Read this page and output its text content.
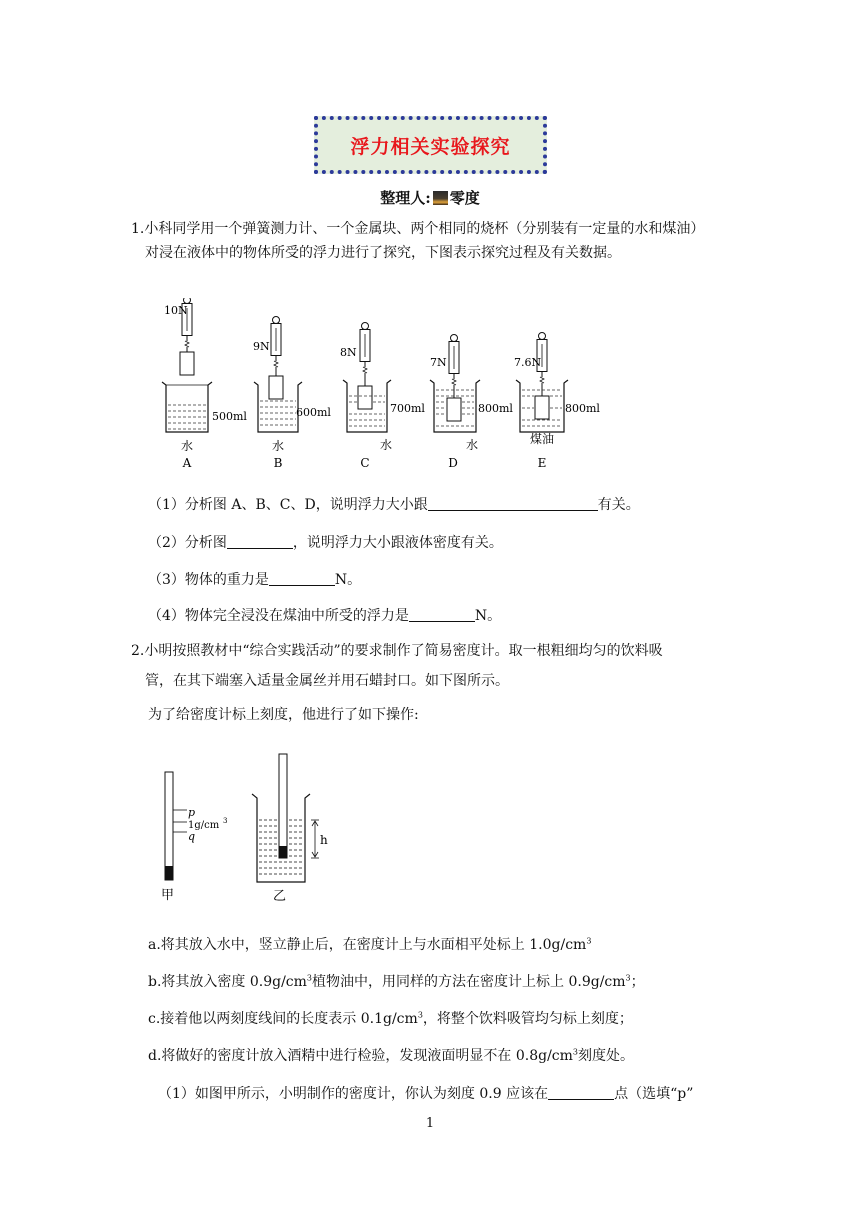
浮力相关实验探究
整理人: 零度
1.小科同学用一个弹簧测力计、一个金属块、两个相同的烧杯（分别装有一定量的水和煤油）
对浸在液体中的物体所受的浮力进行了探究，下图表示探究过程及有关数据。
10N
500ml
水
A
9N
600ml
水
B
8N
700ml
水
C
7N
800ml
水
D
7.6N
800ml
煤油
E
（1）分析图 A、B、C、D，说明浮力大小跟	有关。
（2）分析图	，说明浮力大小跟液体密度有关。
（3）物体的重力是	N。
（4）物体完全浸没在煤油中所受的浮力是	N。
2.小明按照教材中“综合实践活动”的要求制作了简易密度计。取一根粗细均匀的饮料吸
管，在其下端塞入适量金属丝并用石蜡封口。如下图所示。
为了给密度计标上刻度，他进行了如下操作:
p
1g/cm 3
q
甲
h
乙
a.将其放入水中，竖立静止后，在密度计上与水面相平处标上 $1.0g/cm^3$
b.将其放入密度 $0.9g/cm^3$植物油中，用同样的方法在密度计上标上 $0.9g/cm^3$；
c.接着他以两刻度线间的长度表示 $0.1g/cm^3$，将整个饮料吸管均匀标上刻度；
d.将做好的密度计放入酒精中进行检验，发现液面明显不在 $0.8g/cm^3$刻度处。
（1）如图甲所示，小明制作的密度计，你认为刻度 0.9 应该在	点（选填“p”
1
